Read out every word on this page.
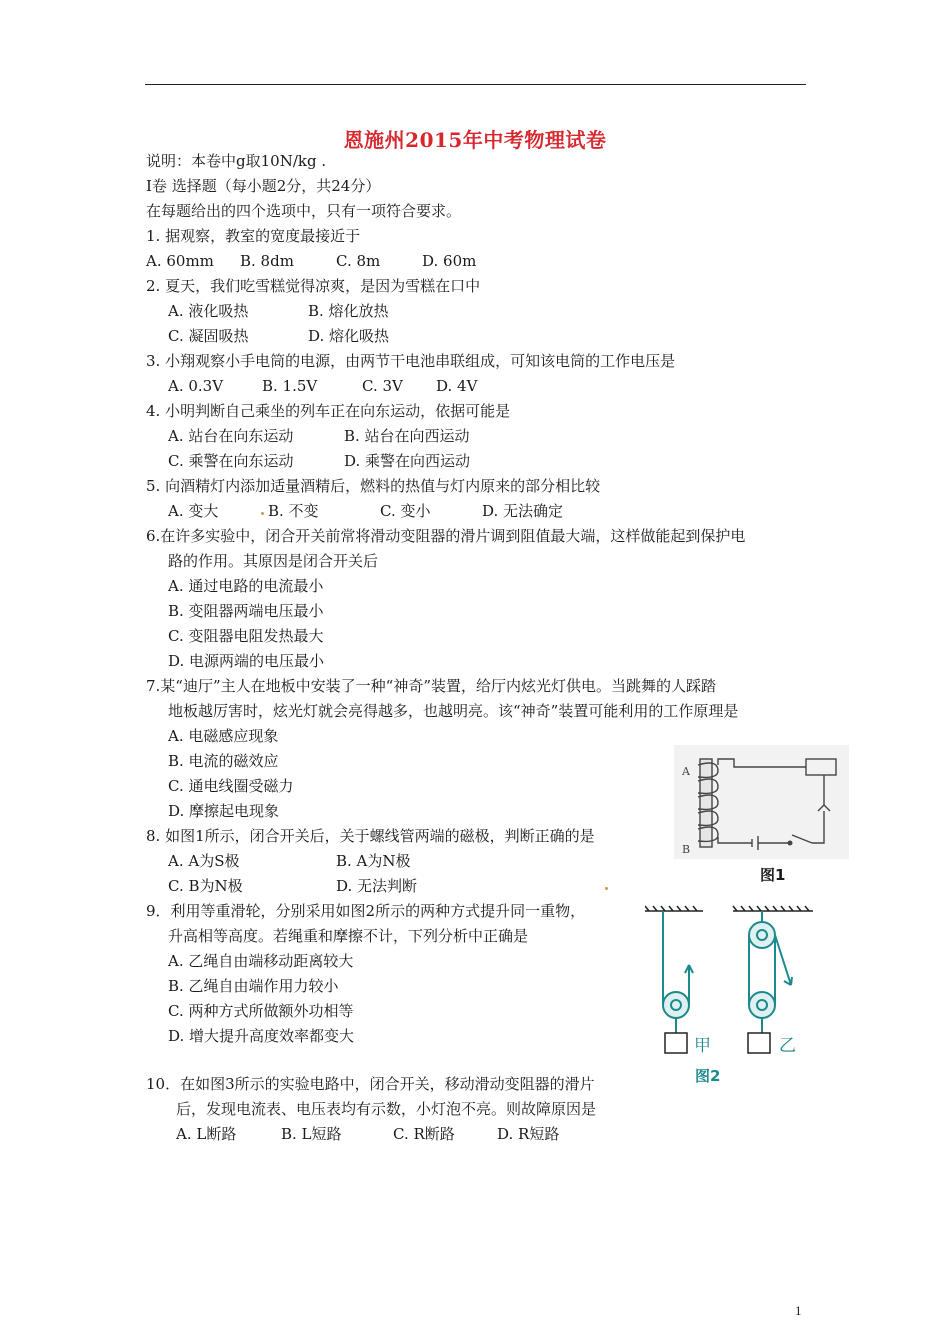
恩施州2015年中考物理试卷
说明：本卷中g取10N/kg .
Ⅰ卷 选择题（每小题2分，共24分）
在每题给出的四个选项中，只有一项符合要求。
1. 据观察，教室的宽度最接近于
A. 60mm B. 8dm	C. 8m	D. 60m
2. 夏天，我们吃雪糕觉得凉爽，是因为雪糕在口中
A. 液化吸热	B. 熔化放热
C. 凝固吸热	D. 熔化吸热
3. 小翔观察小手电筒的电源，由两节干电池串联组成，可知该电筒的工作电压是
A. 0.3V	B. 1.5V	C. 3V D. 4V
4. 小明判断自己乘坐的列车正在向东运动，依据可能是
A. 站台在向东运动	B. 站台在向西运动
C. 乘警在向东运动	D. 乘警在向西运动
5. 向酒精灯内添加适量酒精后，燃料的热值与灯内原来的部分相比较
A. 变大	B. 不变	C. 变小	D. 无法确定
6.在许多实验中，闭合开关前常将滑动变阻器的滑片调到阻值最大端，这样做能起到保护电
路的作用。其原因是闭合开关后
A. 通过电路的电流最小
B. 变阻器两端电压最小
C. 变阻器电阻发热最大
D. 电源两端的电压最小
7.某“迪厅”主人在地板中安装了一种“神奇”装置，给厅内炫光灯供电。当跳舞的人踩踏
地板越厉害时，炫光灯就会亮得越多，也越明亮。该“神奇”装置可能利用的工作原理是
A. 电磁感应现象
B. 电流的磁效应
C. 通电线圈受磁力
D. 摩擦起电现象
8. 如图1所示，闭合开关后，关于螺线管两端的磁极，判断正确的是
A. A为S极	B. A为N极
C. B为N极	D. 无法判断
9．利用等重滑轮，分别采用如图2所示的两种方式提升同一重物，
升高相等高度。若绳重和摩擦不计，下列分析中正确是
A. 乙绳自由端移动距离较大
B. 乙绳自由端作用力较小
C. 两种方式所做额外功相等
D. 增大提升高度效率都变大
10．在如图3所示的实验电路中，闭合开关，移动滑动变阻器的滑片
后，发现电流表、电压表均有示数，小灯泡不亮。则故障原因是
A. L断路	B. L短路	C. R断路	D. R短路
A
B
图1
甲	乙
图2
1
